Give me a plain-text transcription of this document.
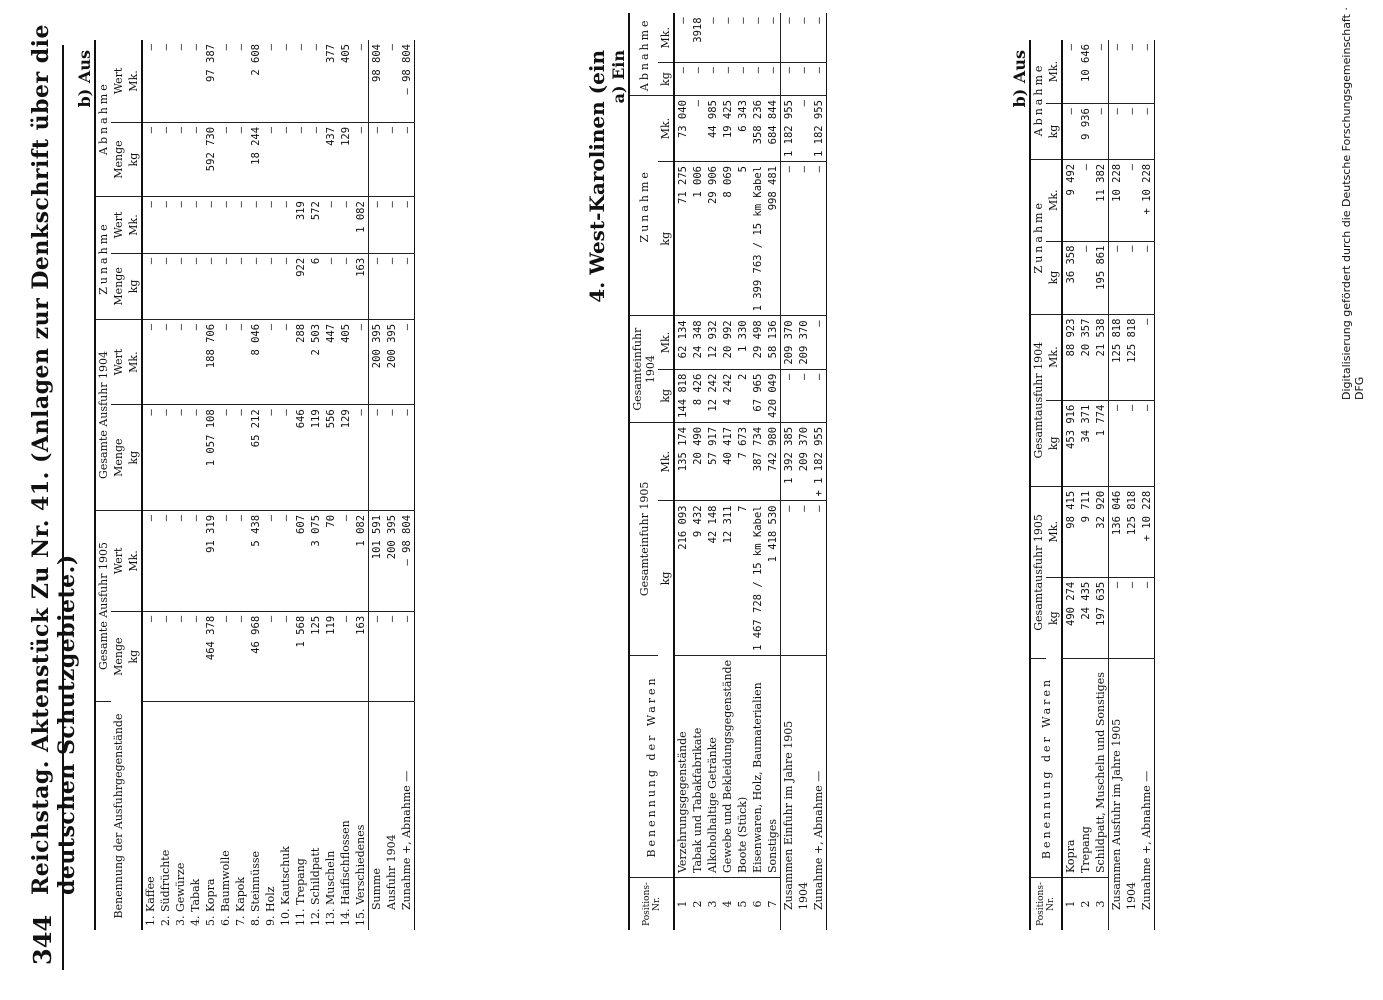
344
Reichstag. Aktenstück Zu Nr. 41. (Anlagen zur Denkschrift über die deutschen Schutzgebiete.)
b) Aus
Benennung der Ausfuhrgegenstände	Gesamte Ausfuhr 1905		Gesamte Ausfuhr 1904		Zunahme		Abnahme	
	Menge	Wert	Menge	Wert	Menge	Wert	Menge	Wert
	kg	Mk.	kg	Mk.	kg	Mk.	kg	Mk.
1. Kaffee	—	—	—	—	—	—	—	—
2. Südfrüchte	—	—	—	—	—	—	—	—
3. Gewürze	—	—	—	—	—	—	—	—
4. Tabak	—	—	—	—	—	—	—	—
5. Kopra	464 378	91 319	1 057 108	188 706	—	—	592 730	97 387
6. Baumwolle	—	—	—	—	—	—	—	—
7. Kapok	—	—	—	—	—	—	—	—
8. Steinnüsse	46 968	5 438	65 212	8 046	—	—	18 244	2 608
9. Holz	—	—	—	—	—	—	—	—
10. Kautschuk	—	—	—	—	—	—	—	—
11. Trepang	1 568	607	646	288	922	319	—	—
12. Schildpatt	125	3 075	119	2 503	6	572	—	—
13. Muscheln	119	70	556	447	—	—	437	377
14. Haifischflossen	—	—	129	405	—	—	129	405
15. Verschiedenes	163	1 082	—	—	163	1 082	—	—
Summe	—	101 591	—	200 395	—	—	—	98 804
Ausfuhr 1904	—	200 395	—	200 395	—	—	—	—
Zunahme +, Abnahme —	—	— 98 804	—	—	—	—	—	— 98 804	4. West-Karolinen (ein a) Ein
Positions-Nr.	Benennung der Waren	Gesamteinfuhr 1905		Gesamteinfuhr 1904		Zunahme		Abnahme	
		kg	Mk.	kg	Mk.	kg	Mk.	kg	Mk.
1	Verzehrungsgegenstände	216 093	135 174	144 818	62 134	71 275	73 040	—	—
2	Tabak und Tabakfabrikate	9 432	20 490	8 426	24 348	1 006	—	—	3918
3	Alkoholhaltige Getränke	42 148	57 917	12 242	12 932	29 906	44 985	—	—
4	Gewebe und Bekleidungsgegenstände	12 311	40 417	4 242	20 992	8 069	19 425	—	—
5	Boote (Stück)	7	7 673	2	1 330	5	6 343	—	—
6	Eisenwaren, Holz, Baumaterialien	1 467 728 / 15 km Kabel	387 734	67 965	29 498	1 399 763 / 15 km Kabel	358 236	—	—
7	Sonstiges	1 418 530	742 980	420 049	58 136	998 481	684 844	—	—
Zusammen Einfuhr im Jahre 1905		—	1 392 385	—	209 370	—	1 182 955	—	—
1904		—	209 370	—	209 370	—	—	—	—
Zunahme +, Abnahme —		—	+ 1 182 955	—	—	—	1 182 955	—	—
b) Aus
Positions-Nr.	Benennung der Waren	Gesamtausfuhr 1905		Gesamtausfuhr 1904		Zunahme		Abnahme	
		kg	Mk.	kg	Mk.	kg	Mk.	kg	Mk.
1	Kopra	490 274	98 415	453 916	88 923	36 358	9 492	—	—
2	Trepang	24 435	9 711	34 371	20 357	—	—	9 936	10 646
3	Schildpatt, Muscheln und Sonstiges	197 635	32 920	1 774	21 538	195 861	11 382	—	—
Zusammen Ausfuhr im Jahre 1905		—	136 046	—	125 818	—	10 228	—	—
1904		—	125 818	—	125 818	—	—	—	—
Zunahme +, Abnahme —		—	+ 10 228	—	—	—	+ 10 228	—	—	Digitalisierung gefördert durch die Deutsche Forschungsgemeinschaft · DFG
